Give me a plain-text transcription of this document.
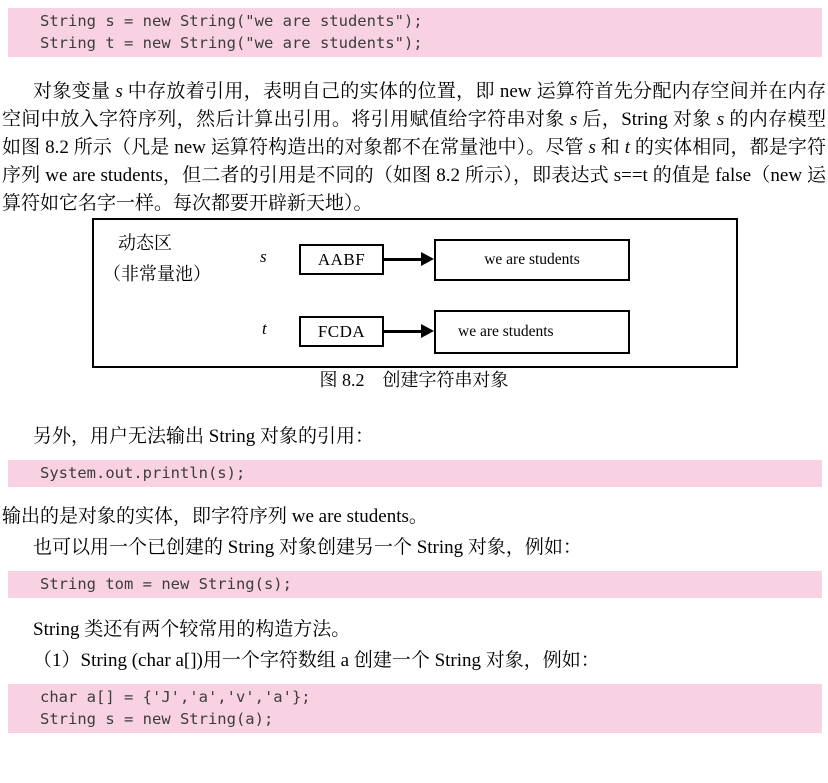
String s = new String("we are students");
String t = new String("we are students");

对象变量 s 中存放着引用，表明自己的实体的位置，即 new 运算符首先分配内存空间并在内存空间中放入字符序列，然后计算出引用。将引用赋值给字符串对象 s 后，String 对象 s 的内存模型如图 8.2 所示（凡是 new 运算符构造出的对象都不在常量池中）。尽管 s 和 t 的实体相同，都是字符序列 we are students，但二者的引用是不同的（如图 8.2 所示），即表达式 s==t 的值是 false（new 运算符如它名字一样。每次都要开辟新天地）。

动态区
（非常量池）
s	AABF	we are students
t	FCDA	we are students
图 8.2　创建字符串对象

另外，用户无法输出 String 对象的引用：

System.out.println(s);

输出的是对象的实体，即字符序列 we are students。

也可以用一个已创建的 String 对象创建另一个 String 对象，例如：

String tom = new String(s);

String 类还有两个较常用的构造方法。

（1）String (char a[])用一个字符数组 a 创建一个 String 对象，例如：

char a[] = {'J','a','v','a'};
String s = new String(a);
